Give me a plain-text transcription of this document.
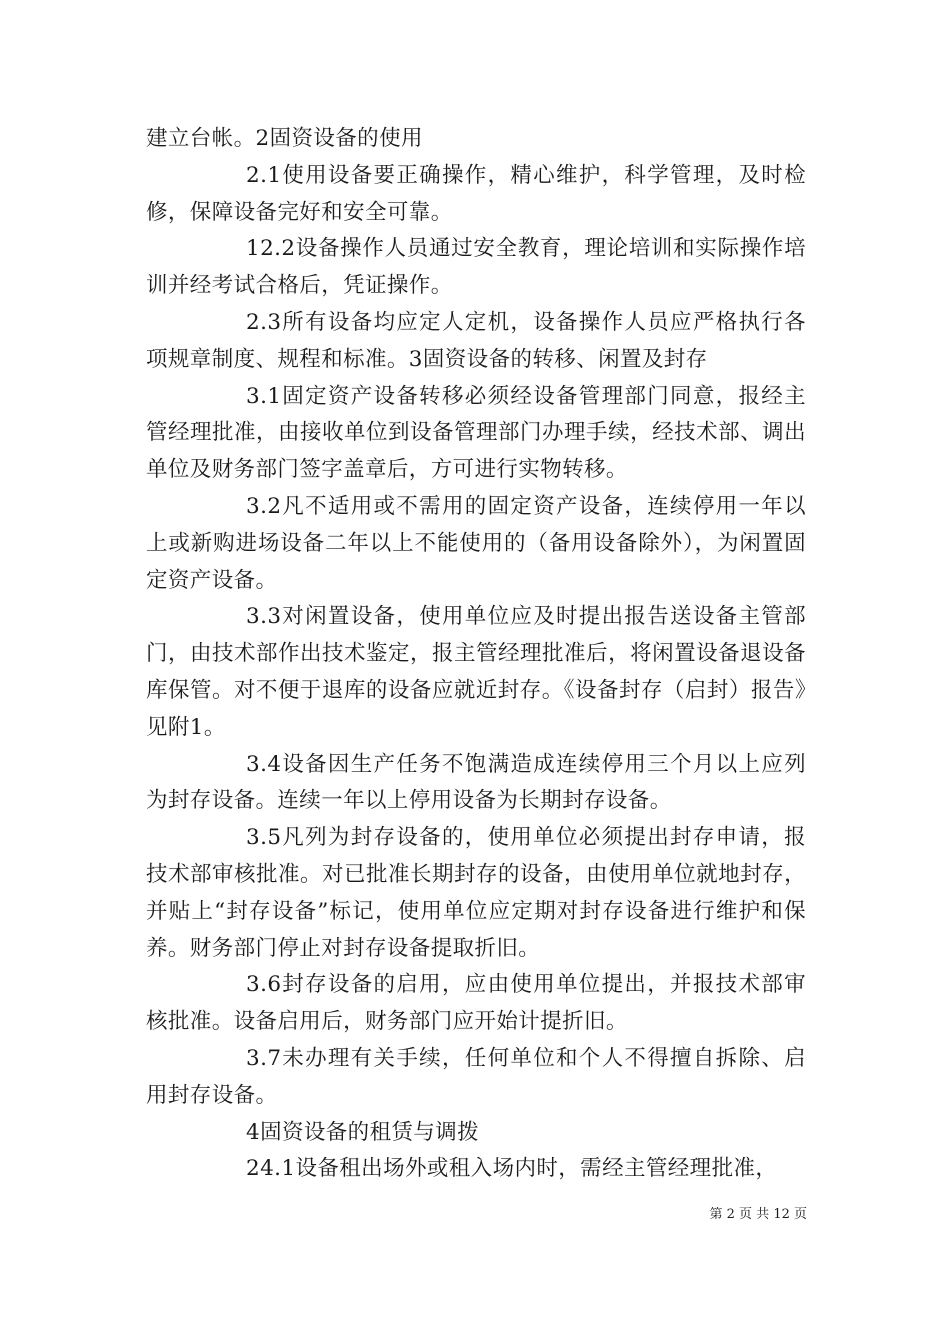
建立台帐。2固资设备的使用

2.1使用设备要正确操作，精心维护，科学管理，及时检修，保障设备完好和安全可靠。

12.2设备操作人员通过安全教育，理论培训和实际操作培训并经考试合格后，凭证操作。

2.3所有设备均应定人定机，设备操作人员应严格执行各项规章制度、规程和标准。3固资设备的转移、闲置及封存

3.1固定资产设备转移必须经设备管理部门同意，报经主管经理批准，由接收单位到设备管理部门办理手续，经技术部、调出单位及财务部门签字盖章后，方可进行实物转移。

3.2凡不适用或不需用的固定资产设备，连续停用一年以上或新购进场设备二年以上不能使用的（备用设备除外），为闲置固定资产设备。

3.3对闲置设备，使用单位应及时提出报告送设备主管部门，由技术部作出技术鉴定，报主管经理批准后，将闲置设备退设备库保管。对不便于退库的设备应就近封存。《设备封存（启封）报告》见附1。

3.4设备因生产任务不饱满造成连续停用三个月以上应列为封存设备。连续一年以上停用设备为长期封存设备。

3.5凡列为封存设备的，使用单位必须提出封存申请，报技术部审核批准。对已批准长期封存的设备，由使用单位就地封存，并贴上“封存设备”标记，使用单位应定期对封存设备进行维护和保养。财务部门停止对封存设备提取折旧。

3.6封存设备的启用，应由使用单位提出，并报技术部审核批准。设备启用后，财务部门应开始计提折旧。

3.7未办理有关手续，任何单位和个人不得擅自拆除、启用封存设备。

4固资设备的租赁与调拨

24.1设备租出场外或租入场内时，需经主管经理批准，

第 2 页 共 12 页
